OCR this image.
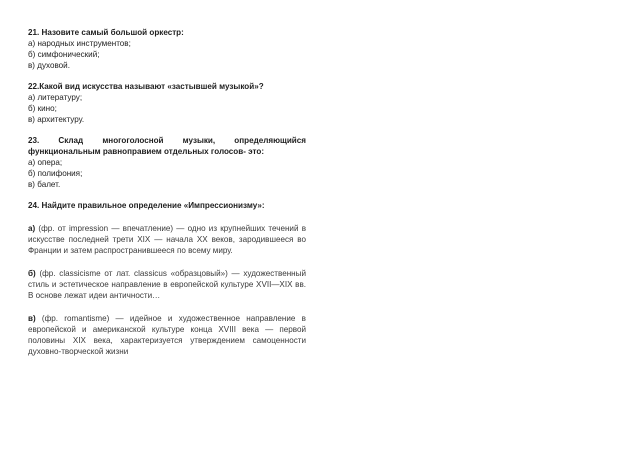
21. Назовите самый большой оркестр:

а) народных инструментов;

б) симфонический;

в) духовой.

22.Какой вид искусства называют «застывшей музыкой»?

а) литературу;

б) кино;

в) архитектуру.

23. Склад многоголосной музыки, определяющийся

функциональным равноправием отдельных голосов- это:

а) опера;

б) полифония;

в) балет.

24. Найдите правильное определение «Импрессионизму»:

а) (фр. от impression — впечатление) — одно из крупнейших течений в искусстве последней трети XIX — начала XX веков, зародившееся во Франции и затем распространившееся по всему миру.

б) (фр. classicisme от лат. classicus «образцовый») — художественный стиль и эстетическое направление в европейской культуре XVII—XIX вв. В основе лежат идеи античности…

в) (фр. romantisme) — идейное и художественное направление в европейской и американской культуре конца XVIII века — первой половины XIX века, характеризуется утверждением самоценности духовно-творческой жизни
